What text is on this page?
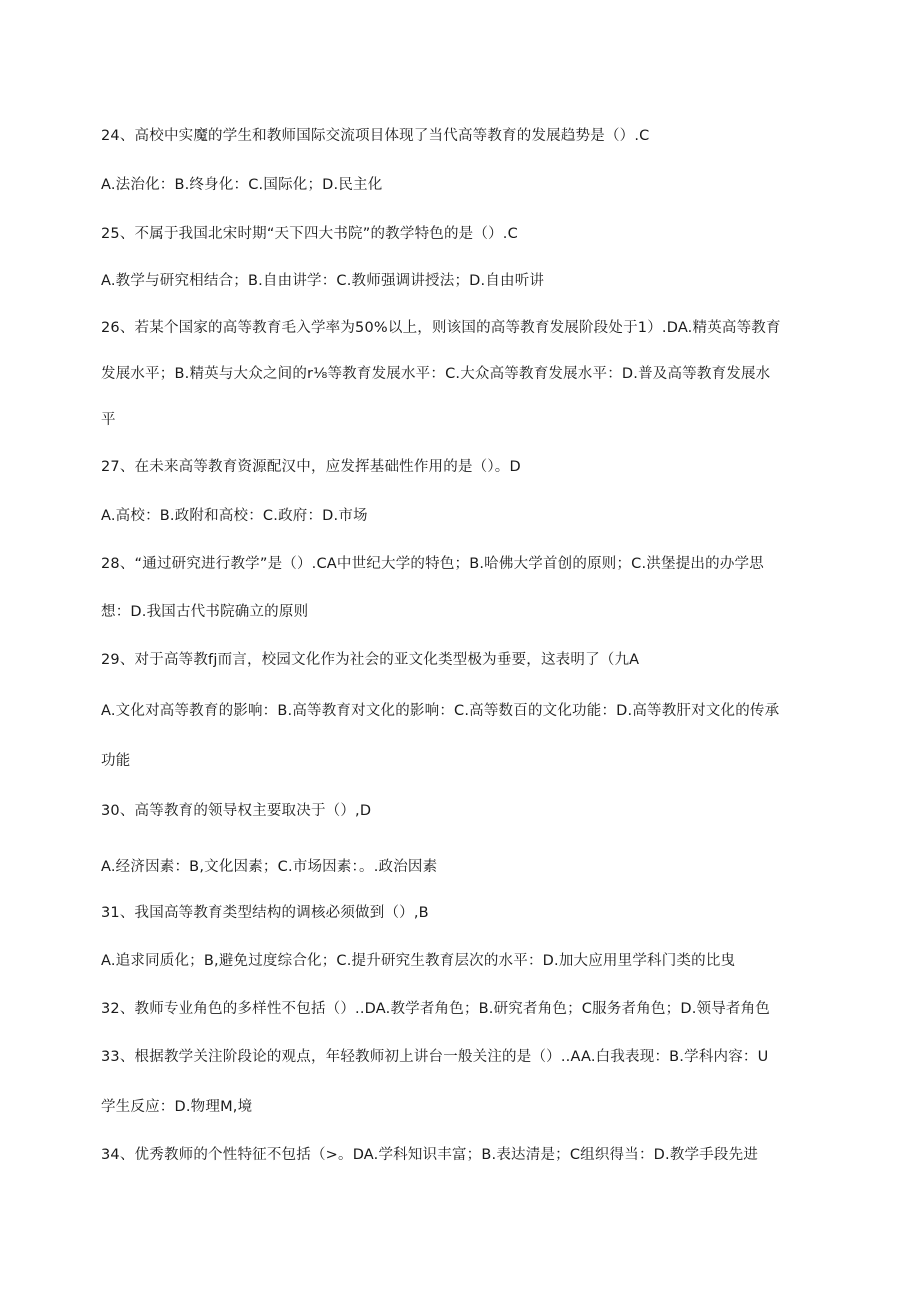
24、高校中实魔的学生和教师国际交流项目体现了当代高等教育的发展趋势是（）.C
A.法治化：B.终身化：C.国际化；D.民主化
25、不属于我国北宋时期“天下四大书院”的教学特色的是（）.C
A.教学与研究相结合；B.自由讲学：C.教师强调讲授法；D.自由听讲
26、若某个国家的高等教育毛入学率为50%以上，则该国的高等教育发展阶段处于1）.DA.精英高等教育
发展水平；B.精英与大众之间的r⅛等教育发展水平：C.大众高等教育发展水平：D.普及高等教育发展水
平
27、在未来高等教育资源配汉中，应发挥基础性作用的是（）。D
A.高校：B.政附和高校：C.政府：D.市场
28、“通过研究进行教学”是（）.CA中世纪大学的特色；B.哈佛大学首创的原则；C.洪堡提出的办学思
想：D.我国古代书院确立的原则
29、对于高等教fj而言，校园文化作为社会的亚文化类型极为垂要，这表明了（九A
A.文化对高等教育的影响：B.高等教育对文化的影响：C.高等数百的文化功能：D.高等教肝对文化的传承
功能
30、高等教育的领导权主要取决于（）,D
A.经济因素：B,文化因素；C.市场因素：。.政治因素
31、我国高等教育类型结构的调核必须做到（）,B
A.追求同质化；B,避免过度综合化；C.提升研究生教育层次的水平：D.加大应用里学科门类的比曳
32、教师专业角色的多样性不包括（）..DA.教学者角色；B.研究者角色；C服务者角色；D.领导者角色
33、根据教学关注阶段论的观点，年轻教师初上讲台一般关注的是（）..AA.白我表现：B.学科内容：U
学生反应：D.物理M,境
34、优秀教师的个性特征不包括（>。DA.学科知识丰富；B.表达清是；C组织得当：D.教学手段先进
